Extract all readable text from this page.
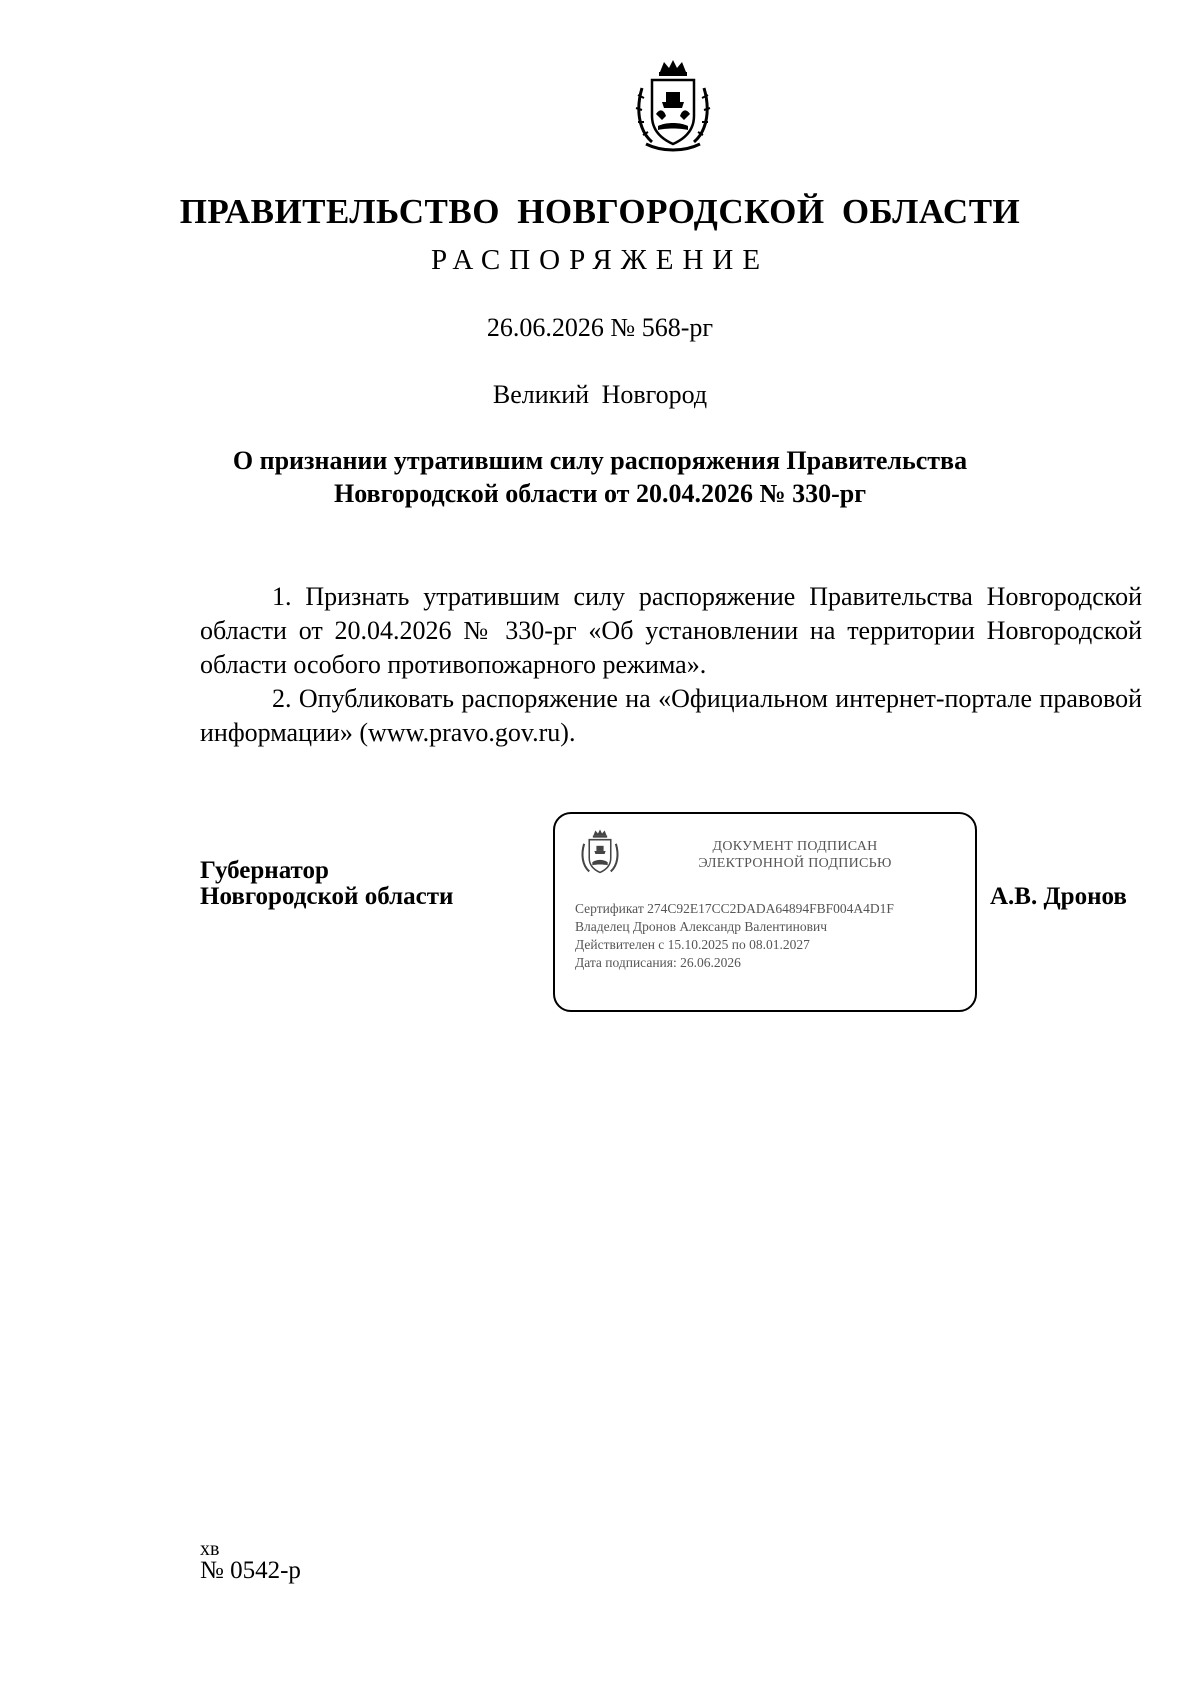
ПРАВИТЕЛЬСТВО НОВГОРОДСКОЙ ОБЛАСТИ
РАСПОРЯЖЕНИЕ
26.06.2026 № 568-рг
Великий Новгород
О признании утратившим силу распоряжения Правительства
Новгородской области от 20.04.2026 № 330-рг

1. Признать утратившим силу распоряжение Правительства Новгородской области от 20.04.2026 № 330-рг «Об установлении на территории Новгородской области особого противопожарного режима».

2. Опубликовать распоряжение на «Официальном интернет-портале правовой информации» (www.pravo.gov.ru).

Губернатор
Новгородской области
ДОКУМЕНТ ПОДПИСАН
ЭЛЕКТРОННОЙ ПОДПИСЬЮ
Сертификат 274C92E17CC2DADA64894FBF004A4D1F
Владелец Дронов Александр Валентинович
Действителен с 15.10.2025 по 08.01.2027
Дата подписания: 26.06.2026
А.В. Дронов
хв
№ 0542-р
